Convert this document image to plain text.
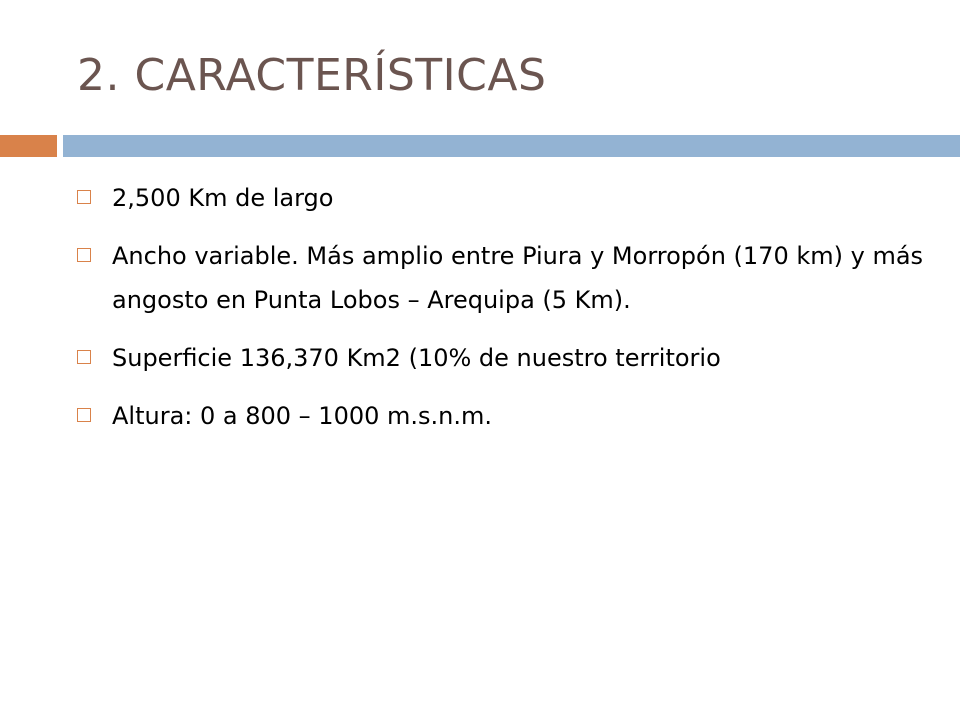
2. CARACTERÍSTICAS
2,500 Km de largo
Ancho variable. Más amplio entre Piura y Morropón (170 km) y más angosto en Punta Lobos – Arequipa (5 Km).
Superficie 136,370 Km2 (10% de nuestro territorio
Altura: 0 a 800 – 1000 m.s.n.m.
